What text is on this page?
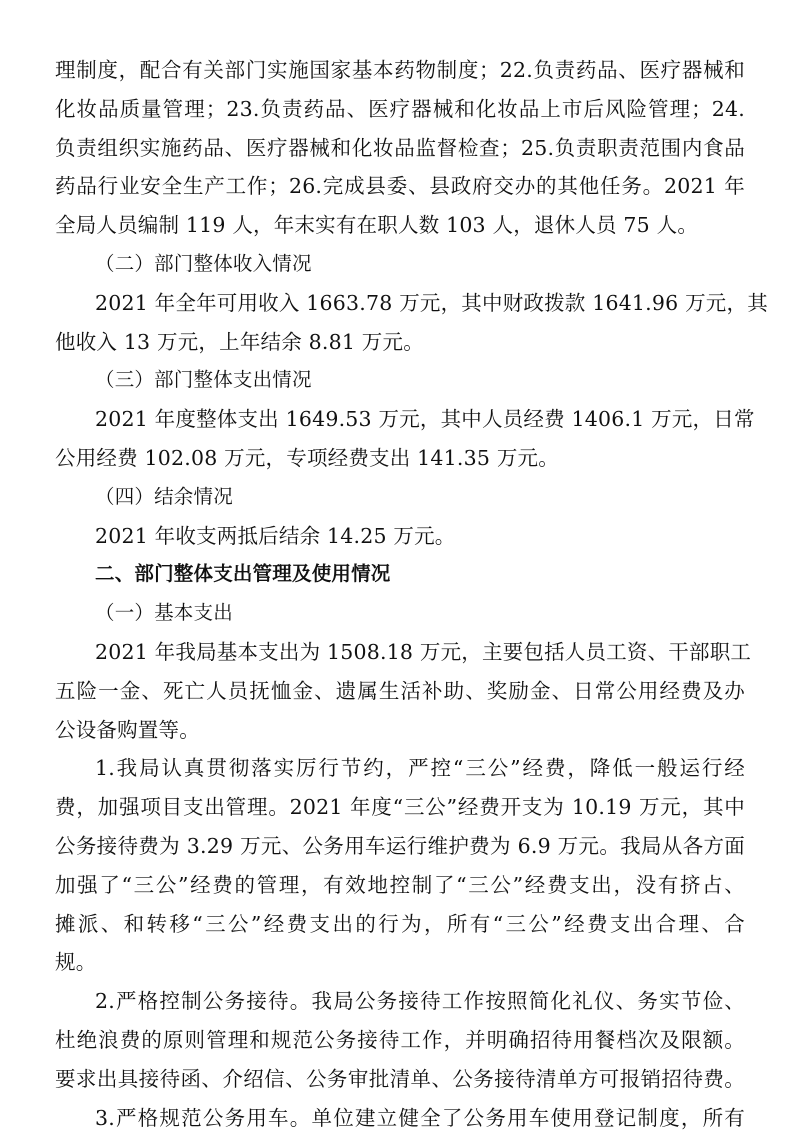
理制度，配合有关部门实施国家基本药物制度；22.负责药品、医疗器械和
化妆品质量管理；23.负责药品、医疗器械和化妆品上市后风险管理；24.
负责组织实施药品、医疗器械和化妆品监督检查；25.负责职责范围内食品
药品行业安全生产工作；26.完成县委、县政府交办的其他任务。2021 年
全局人员编制 119 人，年末实有在职人数 103 人，退休人员 75 人。
（二）部门整体收入情况
2021 年全年可用收入 1663.78 万元，其中财政拨款 1641.96 万元，其
他收入 13 万元，上年结余 8.81 万元。
（三）部门整体支出情况
2021 年度整体支出 1649.53 万元，其中人员经费 1406.1 万元，日常
公用经费 102.08 万元，专项经费支出 141.35 万元。
（四）结余情况
2021 年收支两抵后结余 14.25 万元。
二、部门整体支出管理及使用情况
（一）基本支出
2021 年我局基本支出为 1508.18 万元，主要包括人员工资、干部职工
五险一金、死亡人员抚恤金、遗属生活补助、奖励金、日常公用经费及办
公设备购置等。
1.我局认真贯彻落实厉行节约，严控“三公”经费，降低一般运行经
费，加强项目支出管理。2021 年度“三公”经费开支为 10.19 万元，其中
公务接待费为 3.29 万元、公务用车运行维护费为 6.9 万元。我局从各方面
加强了“三公”经费的管理，有效地控制了“三公”经费支出，没有挤占、
摊派、和转移“三公”经费支出的行为，所有“三公”经费支出合理、合
规。
2.严格控制公务接待。我局公务接待工作按照简化礼仪、务实节俭、
杜绝浪费的原则管理和规范公务接待工作，并明确招待用餐档次及限额。
要求出具接待函、介绍信、公务审批清单、公务接待清单方可报销招待费。
3.严格规范公务用车。单位建立健全了公务用车使用登记制度，所有
